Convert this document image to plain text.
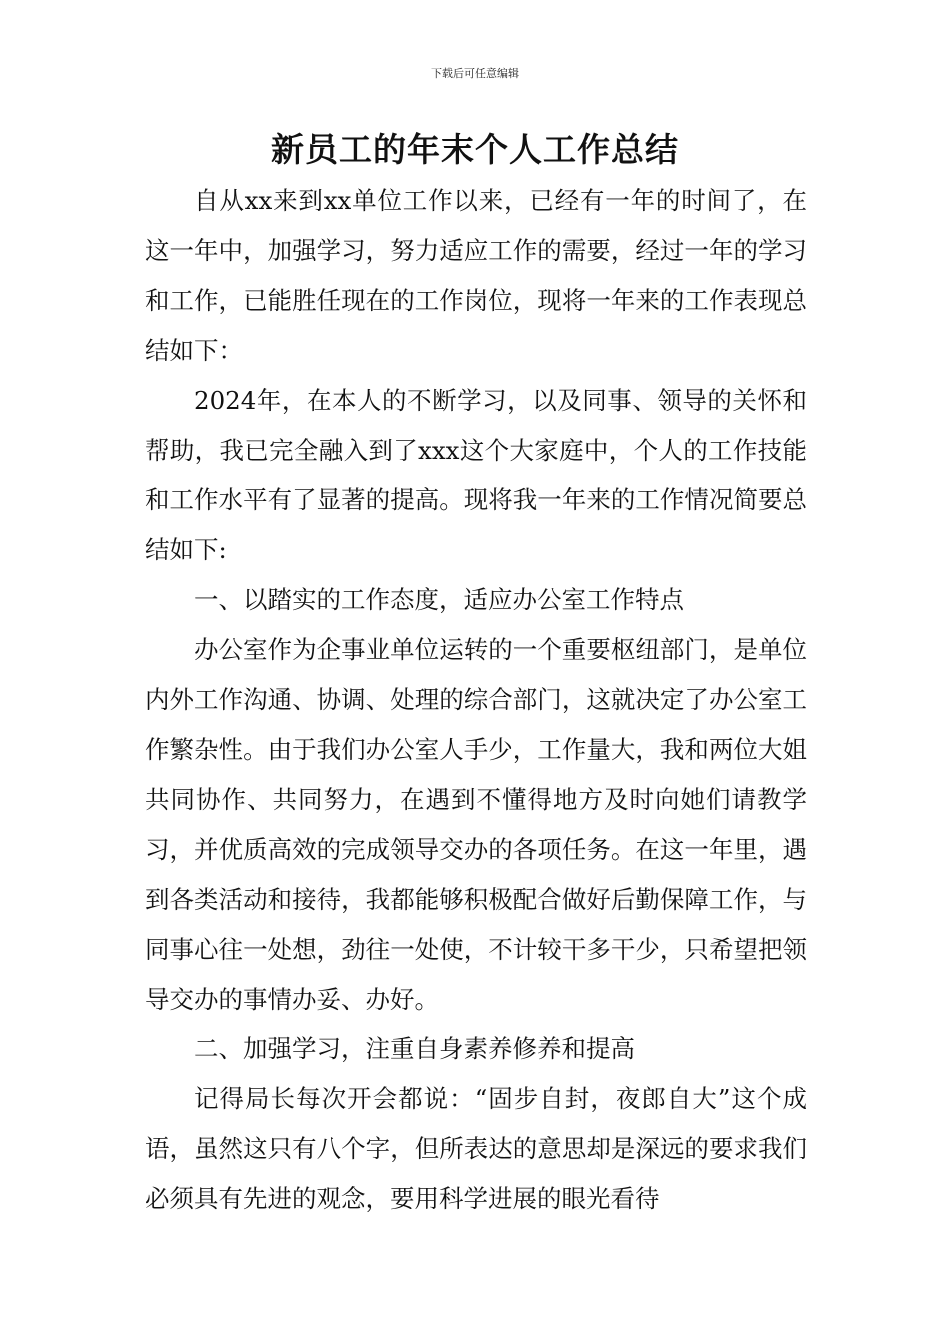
下载后可任意编辑
新员工的年末个人工作总结

自从xx来到xx单位工作以来，已经有一年的时间了，在这一年中，加强学习，努力适应工作的需要，经过一年的学习和工作，已能胜任现在的工作岗位，现将一年来的工作表现总结如下：

2024年，在本人的不断学习，以及同事、领导的关怀和帮助，我已完全融入到了xxx这个大家庭中，个人的工作技能和工作水平有了显著的提高。现将我一年来的工作情况简要总结如下:

一、以踏实的工作态度，适应办公室工作特点

办公室作为企事业单位运转的一个重要枢纽部门，是单位内外工作沟通、协调、处理的综合部门，这就决定了办公室工作繁杂性。由于我们办公室人手少，工作量大，我和两位大姐共同协作、共同努力，在遇到不懂得地方及时向她们请教学习，并优质高效的完成领导交办的各项任务。在这一年里，遇到各类活动和接待，我都能够积极配合做好后勤保障工作，与同事心往一处想，劲往一处使，不计较干多干少，只希望把领导交办的事情办妥、办好。

二、加强学习，注重自身素养修养和提高

记得局长每次开会都说：“固步自封，夜郎自大”这个成语，虽然这只有八个字，但所表达的意思却是深远的要求我们必须具有先进的观念，要用科学进展的眼光看待
